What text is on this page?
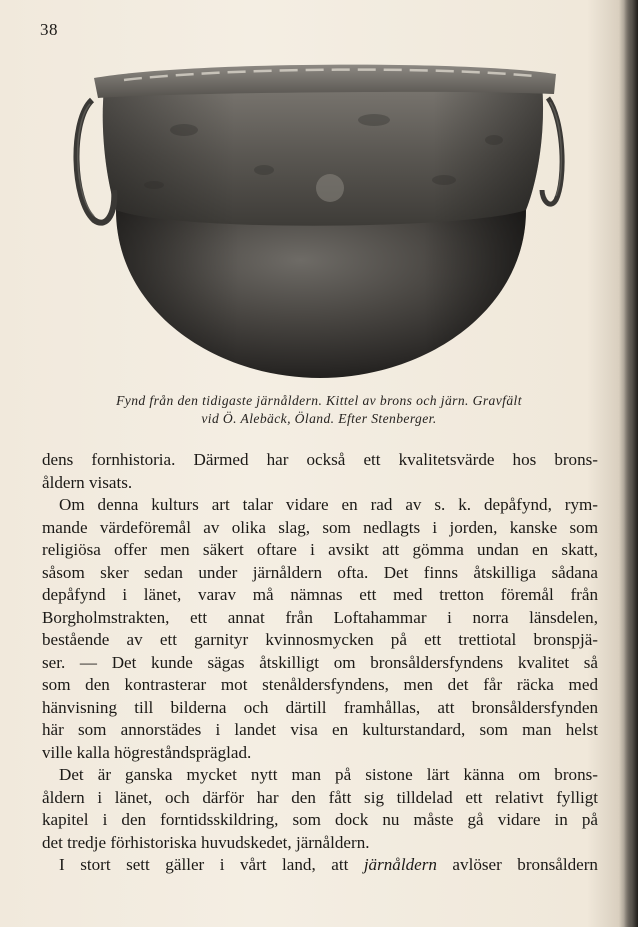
38
Fynd från den tidigaste järnåldern. Kittel av brons och järn. Gravfält
vid Ö. Alebäck, Öland. Efter Stenberger.
dens fornhistoria. Därmed har också ett kvalitetsvärde hos brons-
åldern visats.
Om denna kulturs art talar vidare en rad av s. k. depåfynd, rym-
mande värdeföremål av olika slag, som nedlagts i jorden, kanske som
religiösa offer men säkert oftare i avsikt att gömma undan en skatt,
såsom sker sedan under järnåldern ofta. Det finns åtskilliga sådana
depåfynd i länet, varav må nämnas ett med tretton föremål från
Borgholmstrakten, ett annat från Loftahammar i norra länsdelen,
bestående av ett garnityr kvinnosmycken på ett trettiotal bronspjä-
ser. — Det kunde sägas åtskilligt om bronsåldersfyndens kvalitet så
som den kontrasterar mot stenåldersfyndens, men det får räcka med
hänvisning till bilderna och därtill framhållas, att bronsåldersfynden
här som annorstädes i landet visa en kulturstandard, som man helst
ville kalla högreståndspräglad.
Det är ganska mycket nytt man på sistone lärt känna om brons-
åldern i länet, och därför har den fått sig tilldelad ett relativt fylligt
kapitel i den forntidsskildring, som dock nu måste gå vidare in på
det tredje förhistoriska huvudskedet, järnåldern.
I stort sett gäller i vårt land, att järnåldern avlöser bronsåldern
